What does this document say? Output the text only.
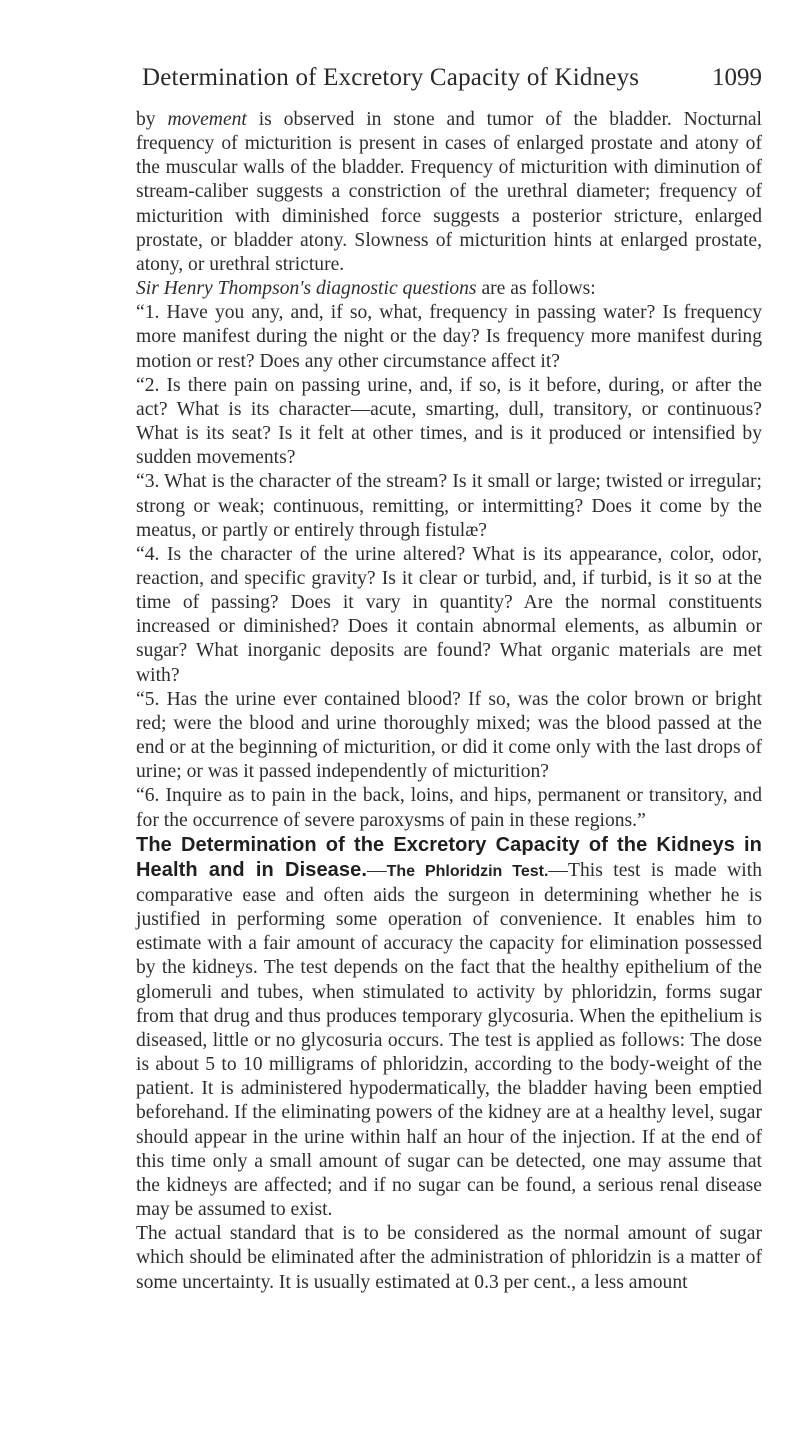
Determination of Excretory Capacity of Kidneys	1099

by movement is observed in stone and tumor of the bladder. Nocturnal frequency of micturition is present in cases of enlarged prostate and atony of the muscular walls of the bladder. Frequency of micturition with diminution of stream-caliber suggests a constriction of the urethral diameter; frequency of micturition with diminished force suggests a posterior stricture, enlarged prostate, or bladder atony. Slowness of micturition hints at enlarged prostate, atony, or urethral stricture.

Sir Henry Thompson's diagnostic questions are as follows:

“1. Have you any, and, if so, what, frequency in passing water? Is frequency more manifest during the night or the day? Is frequency more manifest during motion or rest? Does any other circumstance affect it?

“2. Is there pain on passing urine, and, if so, is it before, during, or after the act? What is its character—acute, smarting, dull, transitory, or continuous? What is its seat? Is it felt at other times, and is it produced or intensified by sudden movements?

“3. What is the character of the stream? Is it small or large; twisted or irregular; strong or weak; continuous, remitting, or intermitting? Does it come by the meatus, or partly or entirely through fistulæ?

“4. Is the character of the urine altered? What is its appearance, color, odor, reaction, and specific gravity? Is it clear or turbid, and, if turbid, is it so at the time of passing? Does it vary in quantity? Are the normal constituents increased or diminished? Does it contain abnormal elements, as albumin or sugar? What inorganic deposits are found? What organic materials are met with?

“5. Has the urine ever contained blood? If so, was the color brown or bright red; were the blood and urine thoroughly mixed; was the blood passed at the end or at the beginning of micturition, or did it come only with the last drops of urine; or was it passed independently of micturition?

“6. Inquire as to pain in the back, loins, and hips, permanent or transitory, and for the occurrence of severe paroxysms of pain in these regions.”

The Determination of the Excretory Capacity of the Kidneys in Health and in Disease.—The Phloridzin Test.—This test is made with comparative ease and often aids the surgeon in determining whether he is justified in performing some operation of convenience. It enables him to estimate with a fair amount of accuracy the capacity for elimination possessed by the kidneys. The test depends on the fact that the healthy epithelium of the glomeruli and tubes, when stimulated to activity by phloridzin, forms sugar from that drug and thus produces temporary glycosuria. When the epithelium is diseased, little or no glycosuria occurs. The test is applied as follows: The dose is about 5 to 10 milligrams of phloridzin, according to the body-weight of the patient. It is administered hypodermatically, the bladder having been emptied beforehand. If the eliminating powers of the kidney are at a healthy level, sugar should appear in the urine within half an hour of the injection. If at the end of this time only a small amount of sugar can be detected, one may assume that the kidneys are affected; and if no sugar can be found, a serious renal disease may be assumed to exist.

The actual standard that is to be considered as the normal amount of sugar which should be eliminated after the administration of phloridzin is a matter of some uncertainty. It is usually estimated at 0.3 per cent., a less amount
